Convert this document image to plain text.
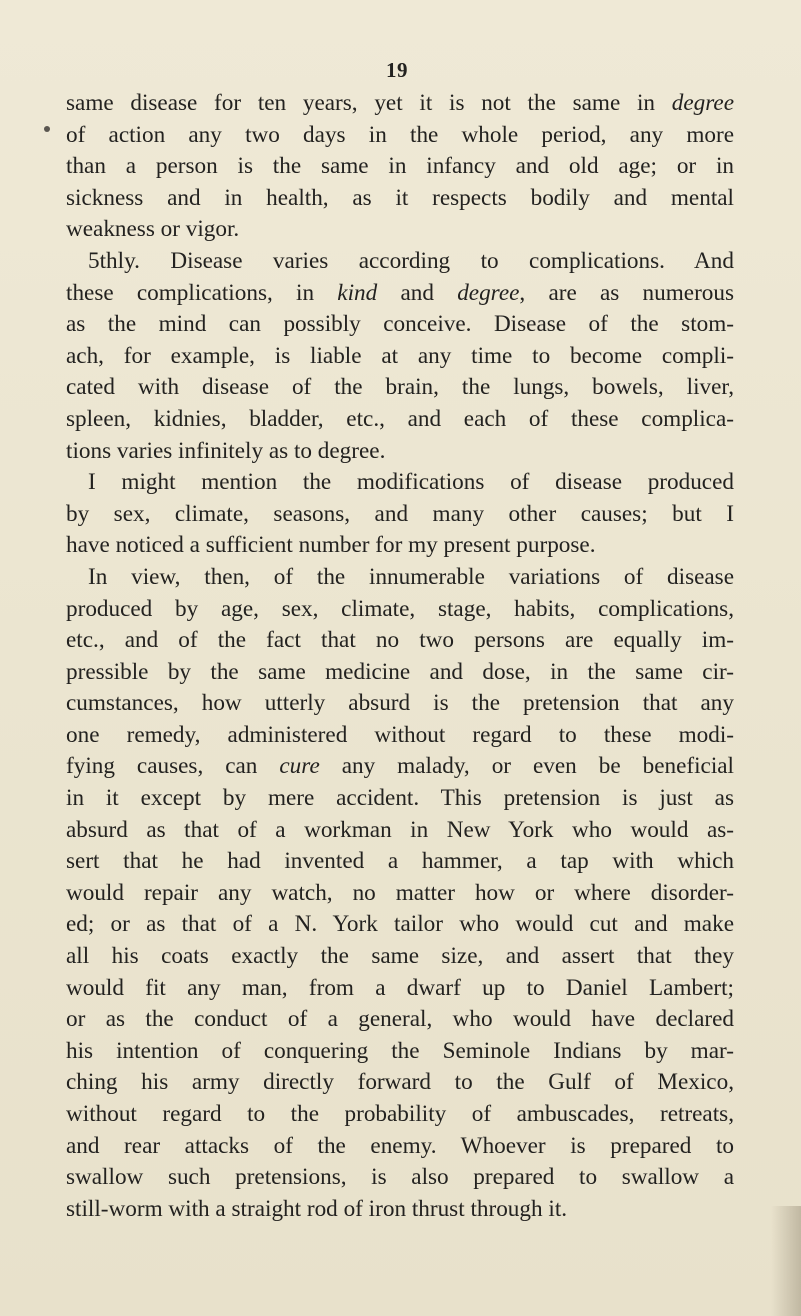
19
same disease for ten years, yet it is not the same in degree
of action any two days in the whole period, any more
than a person is the same in infancy and old age; or in
sickness and in health, as it respects bodily and mental
weakness or vigor.
5thly. Disease varies according to complications. And
these complications, in kind and degree, are as numerous
as the mind can possibly conceive. Disease of the stom-
ach, for example, is liable at any time to become compli-
cated with disease of the brain, the lungs, bowels, liver,
spleen, kidnies, bladder, etc., and each of these complica-
tions varies infinitely as to degree.
I might mention the modifications of disease produced
by sex, climate, seasons, and many other causes; but I
have noticed a sufficient number for my present purpose.
In view, then, of the innumerable variations of disease
produced by age, sex, climate, stage, habits, complications,
etc., and of the fact that no two persons are equally im-
pressible by the same medicine and dose, in the same cir-
cumstances, how utterly absurd is the pretension that any
one remedy, administered without regard to these modi-
fying causes, can cure any malady, or even be beneficial
in it except by mere accident. This pretension is just as
absurd as that of a workman in New York who would as-
sert that he had invented a hammer, a tap with which
would repair any watch, no matter how or where disorder-
ed; or as that of a N. York tailor who would cut and make
all his coats exactly the same size, and assert that they
would fit any man, from a dwarf up to Daniel Lambert;
or as the conduct of a general, who would have declared
his intention of conquering the Seminole Indians by mar-
ching his army directly forward to the Gulf of Mexico,
without regard to the probability of ambuscades, retreats,
and rear attacks of the enemy. Whoever is prepared to
swallow such pretensions, is also prepared to swallow a
still-worm with a straight rod of iron thrust through it.
